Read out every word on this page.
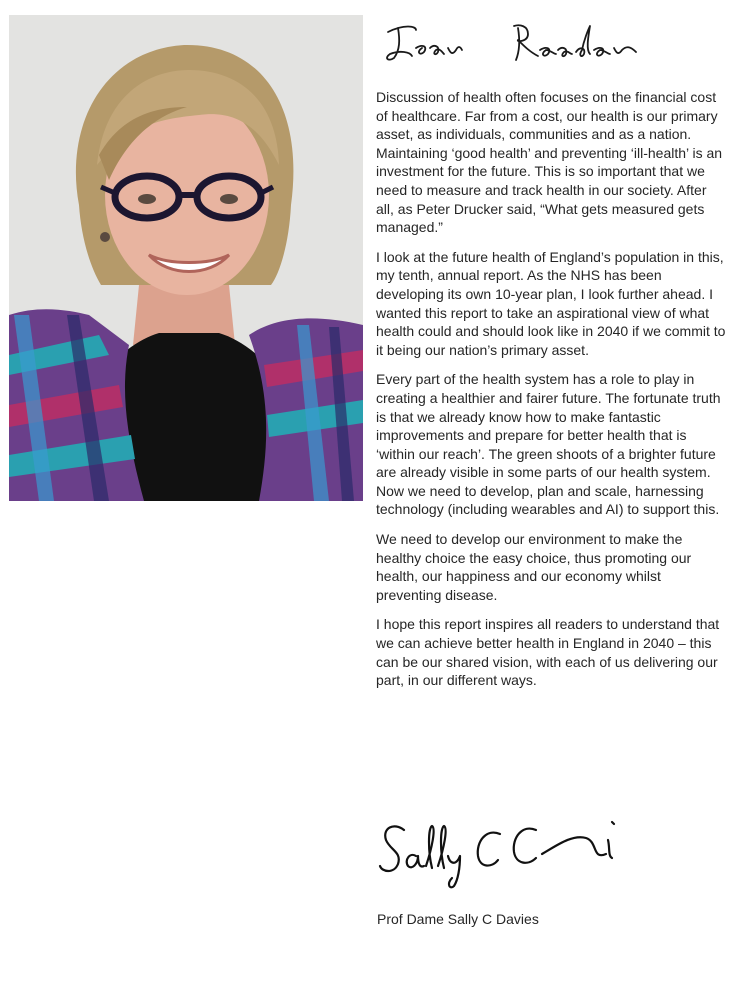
Discussion of health often focuses on the financial cost of healthcare. Far from a cost, our health is our primary asset, as individuals, communities and as a nation. Maintaining ‘good health’ and preventing ‘ill-health’ is an investment for the future. This is so important that we need to measure and track health in our society. After all, as Peter Drucker said, “What gets measured gets managed.”

I look at the future health of England’s population in this, my tenth, annual report. As the NHS has been developing its own 10-year plan, I look further ahead. I wanted this report to take an aspirational view of what health could and should look like in 2040 if we commit to it being our nation’s primary asset.

Every part of the health system has a role to play in creating a healthier and fairer future. The fortunate truth is that we already know how to make fantastic improvements and prepare for better health that is ‘within our reach’. The green shoots of a brighter future are already visible in some parts of our health system. Now we need to develop, plan and scale, harnessing technology (including wearables and AI) to support this.

We need to develop our environment to make the healthy choice the easy choice, thus promoting our health, our happiness and our economy whilst preventing disease.

I hope this report inspires all readers to understand that we can achieve better health in England in 2040 – this can be our shared vision, with each of us delivering our part, in our different ways.

Prof Dame Sally C Davies
